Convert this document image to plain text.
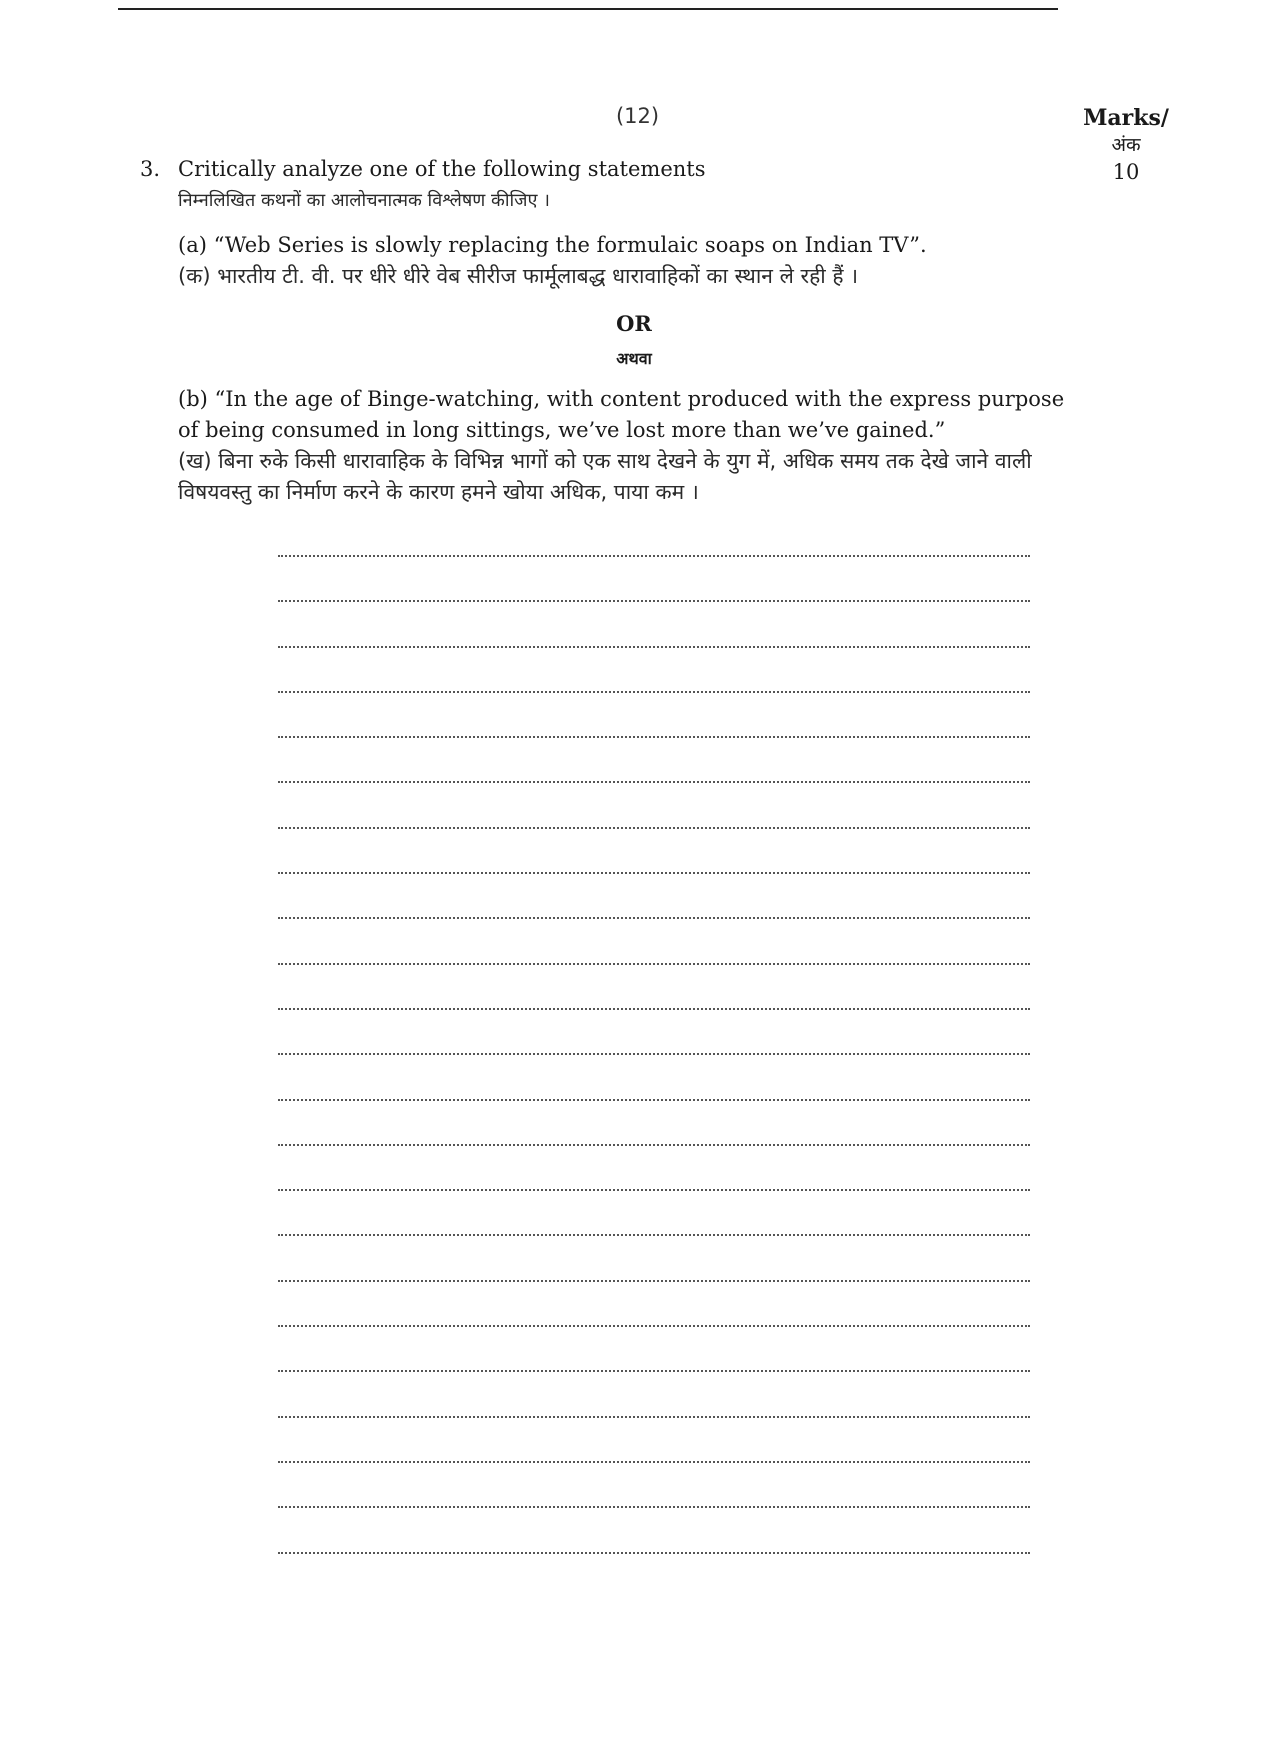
(12)	Marks/
अंक
10
3. Critically analyze one of the following statements
निम्नलिखित कथनों का आलोचनात्मक विश्लेषण कीजिए ।
(a) “Web Series is slowly replacing the formulaic soaps on Indian TV”.
(क) भारतीय टी. वी. पर धीरे धीरे वेब सीरीज फार्मूलाबद्ध धारावाहिकों का स्थान ले रही हैं ।
OR
अथवा
(b) “In the age of Binge-watching, with content produced with the express purpose of being consumed in long sittings, we’ve lost more than we’ve gained.”
(ख) बिना रुके किसी धारावाहिक के विभिन्न भागों को एक साथ देखने के युग में, अधिक समय तक देखे जाने वाली विषयवस्तु का निर्माण करने के कारण हमने खोया अधिक, पाया कम ।
